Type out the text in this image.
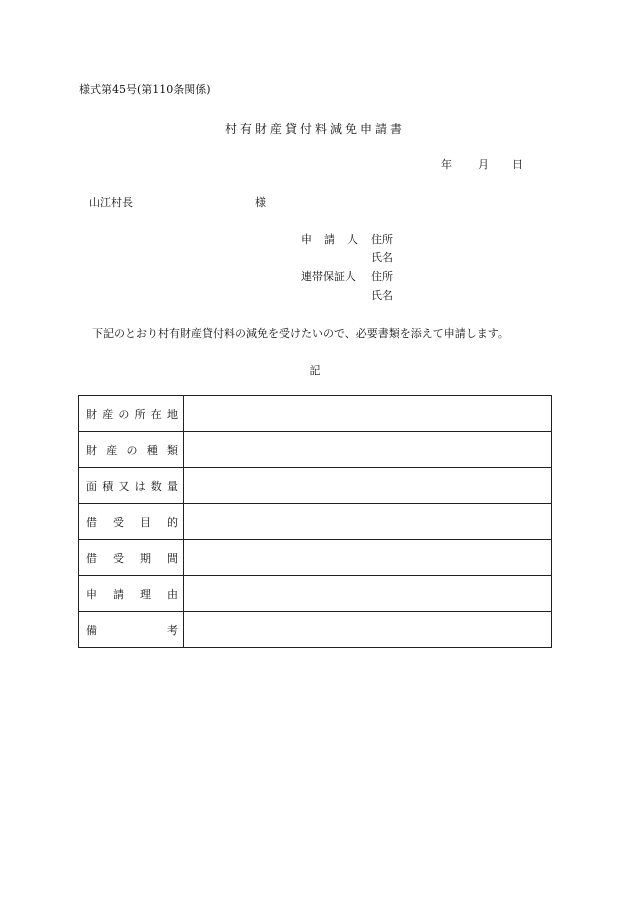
様式第45号(第110条関係)
村有財産貸付料減免申請書
年 月 日
山江村長	様
申請人 住所
氏名
連帯保証人 住所
氏名
下記のとおり村有財産貸付料の減免を受けたいので、必要書類を添えて申請します。
記
財産の所在地	

財産の種類	

面積又は数量	

借受目的	

借受期間	

申請理由	

備考	
